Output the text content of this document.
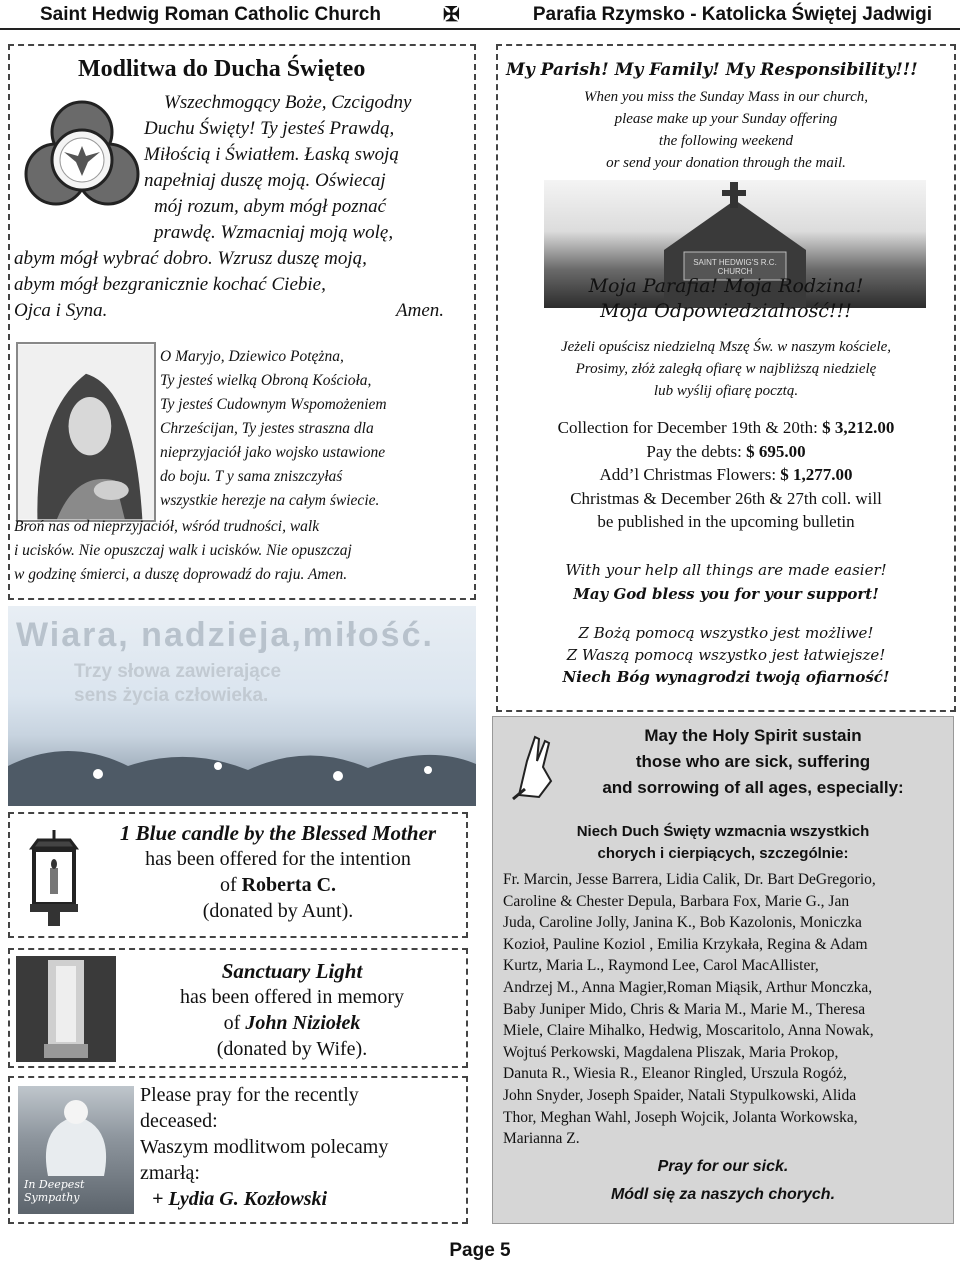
Saint Hedwig Roman Catholic Church	✠	Parafia Rzymsko - Katolicka Świętej Jadwigi
Modlitwa do Ducha Święteo
Wszechmogący Boże, Czcigodny
Duchu Święty! Ty jesteś Prawdą,
Miłością i Światłem. Łaską swoją
napełniaj duszę moją. Oświecaj
mój rozum, abym mógł poznać
prawdę. Wzmacniaj moją wolę,
abym mógł wybrać dobro. Wzrusz duszę moją,
abym mógł bezgranicznie kochać Ciebie,
Ojca i Syna.	Amen.
O Maryjo, Dziewico Potężna,
Ty jesteś wielką Obroną Kościoła,
Ty jesteś Cudownym Wspomożeniem
Chrześcijan, Ty jestes straszna dla
nieprzyjaciół jako wojsko ustawione
do boju. T y sama zniszczyłaś
wszystkie herezje na całym świecie.
Broń nas od nieprzyjaciół, wśród trudności, walk
i ucisków. Nie opuszczaj walk i ucisków. Nie opuszczaj
w godzinę śmierci, a duszę doprowadź do raju. Amen.
Wiara, nadzieja,miłość.
Trzy słowa zawierające
sens życia człowieka.
1 Blue candle by the Blessed Mother
has been offered for the intention
of Roberta C.
(donated by Aunt).
Sanctuary Light
has been offered in memory
of John Niziołek
(donated by Wife).
In Deepest Sympathy
Please pray for the recently
deceased:
Waszym modlitwom polecamy
zmarłą:
+ Lydia G. Kozłowski
My Parish! My Family! My Responsibility!!!
When you miss the Sunday Mass in our church,
please make up your Sunday offering
the following weekend
or send your donation through the mail.
SAINT HEDWIG'S R.C. CHURCH
Moja Parafia! Moja Rodzina!
Moja Odpowiedzialność!!!
Jeżeli opuścisz niedzielną Mszę Św. w naszym kościele,
Prosimy, złóż zaległą ofiarę w najbliższą niedzielę
lub wyślij ofiarę pocztą.
Collection for December 19th & 20th: $ 3,212.00
Pay the debts: $ 695.00
Add’l Christmas Flowers: $ 1,277.00
Christmas & December 26th & 27th coll. will
be published in the upcoming bulletin
With your help all things are made easier!
May God bless you for your support!
Z Bożą pomocą wszystko jest możliwe!
Z Waszą pomocą wszystko jest łatwiejsze!
Niech Bóg wynagrodzi twoją ofiarność!
May the Holy Spirit sustain
those who are sick, suffering
and sorrowing of all ages, especially:
Niech Duch Święty wzmacnia wszystkich
chorych i cierpiących, szczególnie:
Fr. Marcin, Jesse Barrera, Lidia Calik, Dr. Bart DeGregorio,
Caroline & Chester Depula, Barbara Fox, Marie G., Jan
Juda, Caroline Jolly, Janina K., Bob Kazolonis, Moniczka
Kozioł, Pauline Koziol , Emilia Krzykała, Regina & Adam
Kurtz, Maria L., Raymond Lee, Carol MacAllister,
Andrzej M., Anna Magier,Roman Miąsik, Arthur Monczka,
Baby Juniper Mido, Chris & Maria M., Marie M., Theresa
Miele, Claire Mihalko, Hedwig, Moscaritolo, Anna Nowak,
Wojtuś Perkowski, Magdalena Pliszak, Maria Prokop,
Danuta R., Wiesia R., Eleanor Ringled, Urszula Rogóż,
John Snyder, Joseph Spaider, Natali Stypulkowski, Alida
Thor, Meghan Wahl, Joseph Wojcik, Jolanta Workowska,
Marianna Z.
Pray for our sick.
Módl się za naszych chorych.
Page 5
